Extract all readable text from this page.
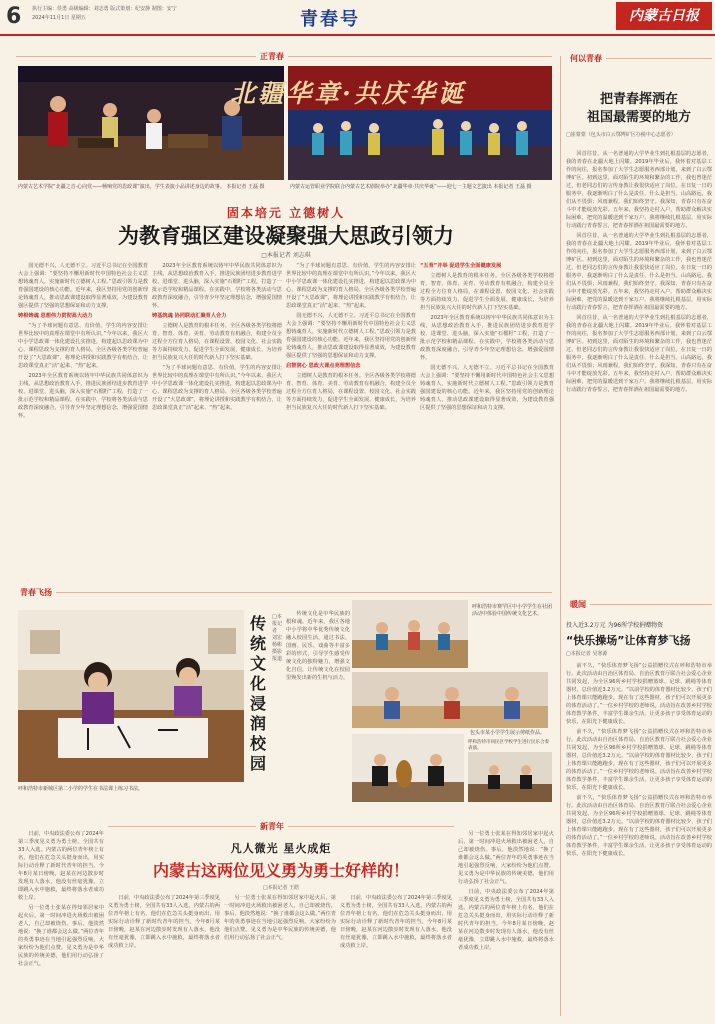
6 执行主编：侯勇 高级编辑：刘志勇 版式策划：纪安静 制图：安宁
2024年11月1日 星期五	青春号	内蒙古日报
正青春
北疆华章·共庆华诞
内蒙古艺术学院“北疆之音·心向党——畅响党的思政课”演出，学生表演小品讲述身边的故事。 本报记者 王磊 摄	内蒙古运管职业学院联合内蒙古艺术剧院举办“北疆华章·共庆华诞”——迎七一主题文艺演出 本报记者 王磊 摄
固本培元 立德树人
为教育强区建设凝聚强大思政引领力
□本报记者 刘志琪

国无德不兴，人无德不立。习近平总书记在全国教育大会上强调：“要坚持不懈用新时代中国特色社会主义思想铸魂育人，实施新时代立德树人工程。”思政引领力是教育强国建设的核心功能。近年来，我区坚持用党的创新理论铸魂育人，推动思政课建设取得显著成效，为建设教育强区提供了坚强的思想保证和动力支撑。

铸根铸魂 思想伟力贯彻高大动力

“为了半球问题有意思、有价值，学生的内容安排让世界比较中的真理在课堂中有所认识。”今年以来，我区大中小学思政课一体化建设扎实推进，构建起以思政课为中心、课程思政为支撑的育人格局。全区各级各类学校普遍开设了“大思政课”，将理论讲授和实践教学有机结合，让思政课堂真正“活”起来、“热”起来。

2023年全区教育系统以铸牢中华民族共同体意识为主线，从思想政治教育入手，推进民族团结进步教育进学校、进课堂、进头脑，深入实施“石榴籽”工程，打造了一批示范学校和精品课程。在实践中，学校将各类活动与思政教育深度融合，引导青少年坚定理想信念，增强爱国情怀。

2023年全区教育系统以铸牢中华民族共同体意识为主线，从思想政治教育入手，推进民族团结进步教育进学校、进课堂、进头脑，深入实施“石榴籽”工程，打造了一批示范学校和精品课程。在实践中，学校将各类活动与思政教育深度融合，引导青少年坚定理想信念，增强爱国情怀。

铸基筑魂 协同联动汇聚育人合力

立德树人是教育的根本任务。全区各级各类学校将德育、智育、体育、美育、劳动教育有机融合，构建全员全过程全方位育人格局，在课程设置、校园文化、社会实践等方面持续发力，促进学生全面发展、健康成长，为培养担当民族复兴大任的时代新人打下坚实基础。

“为了半球问题有意思、有价值，学生的内容安排让世界比较中的真理在课堂中有所认识。”今年以来，我区大中小学思政课一体化建设扎实推进，构建起以思政课为中心、课程思政为支撑的育人格局。全区各级各类学校普遍开设了“大思政课”，将理论讲授和实践教学有机结合，让思政课堂真正“活”起来、“热”起来。

“为了半球问题有意思、有价值，学生的内容安排让世界比较中的真理在课堂中有所认识。”今年以来，我区大中小学思政课一体化建设扎实推进，构建起以思政课为中心、课程思政为支撑的育人格局。全区各级各类学校普遍开设了“大思政课”，将理论讲授和实践教学有机结合，让思政课堂真正“活”起来、“热”起来。

国无德不兴，人无德不立。习近平总书记在全国教育大会上强调：“要坚持不懈用新时代中国特色社会主义思想铸魂育人，实施新时代立德树人工程。”思政引领力是教育强国建设的核心功能。近年来，我区坚持用党的创新理论铸魂育人，推动思政课建设取得显著成效，为建设教育强区提供了坚强的思想保证和动力支撑。

启智润心 思政大课点亮理想信念

立德树人是教育的根本任务。全区各级各类学校将德育、智育、体育、美育、劳动教育有机融合，构建全员全过程全方位育人格局，在课程设置、校园文化、社会实践等方面持续发力，促进学生全面发展、健康成长，为培养担当民族复兴大任的时代新人打下坚实基础。

“五育”并举 促进学生全面健康发展

立德树人是教育的根本任务。全区各级各类学校将德育、智育、体育、美育、劳动教育有机融合，构建全员全过程全方位育人格局，在课程设置、校园文化、社会实践等方面持续发力，促进学生全面发展、健康成长，为培养担当民族复兴大任的时代新人打下坚实基础。

2023年全区教育系统以铸牢中华民族共同体意识为主线，从思想政治教育入手，推进民族团结进步教育进学校、进课堂、进头脑，深入实施“石榴籽”工程，打造了一批示范学校和精品课程。在实践中，学校将各类活动与思政教育深度融合，引导青少年坚定理想信念，增强爱国情怀。

国无德不兴，人无德不立。习近平总书记在全国教育大会上强调：“要坚持不懈用新时代中国特色社会主义思想铸魂育人，实施新时代立德树人工程。”思政引领力是教育强国建设的核心功能。近年来，我区坚持用党的创新理论铸魂育人，推动思政课建设取得显著成效，为建设教育强区提供了坚强的思想保证和动力支撑。

何以青春
把青春挥洒在
祖国最需要的地方
□崔蒙蒙（包头市白云鄂博矿区办税中心志愿者）

回首往昔，从一名普通的大学毕业生到扎根基层的志愿者，我的青春在北疆大地上闪耀。2019年毕业后，我怀着对基层工作的向往，报名参加了大学生志愿服务西部计划，来到了白云鄂博矿区。初到这里，面对陌生的环境和繁杂的工作，我也曾迷茫过，但老同志们的言传身教让我很快适应了岗位。在日复一日的服务中，我逐渐明白了什么是责任、什么是担当。山高路远，我们从不畏惧；风雨兼程，我们始终坚守。我深知，青春只有在奋斗中才能绽放光彩。五年来，我坚持走村入户，帮助群众解决实际困难，把党的温暖送到千家万户。我将继续扎根基层，用实际行动践行青春誓言，把青春挥洒在祖国最需要的地方。

回首往昔，从一名普通的大学毕业生到扎根基层的志愿者，我的青春在北疆大地上闪耀。2019年毕业后，我怀着对基层工作的向往，报名参加了大学生志愿服务西部计划，来到了白云鄂博矿区。初到这里，面对陌生的环境和繁杂的工作，我也曾迷茫过，但老同志们的言传身教让我很快适应了岗位。在日复一日的服务中，我逐渐明白了什么是责任、什么是担当。山高路远，我们从不畏惧；风雨兼程，我们始终坚守。我深知，青春只有在奋斗中才能绽放光彩。五年来，我坚持走村入户，帮助群众解决实际困难，把党的温暖送到千家万户。我将继续扎根基层，用实际行动践行青春誓言，把青春挥洒在祖国最需要的地方。

回首往昔，从一名普通的大学毕业生到扎根基层的志愿者，我的青春在北疆大地上闪耀。2019年毕业后，我怀着对基层工作的向往，报名参加了大学生志愿服务西部计划，来到了白云鄂博矿区。初到这里，面对陌生的环境和繁杂的工作，我也曾迷茫过，但老同志们的言传身教让我很快适应了岗位。在日复一日的服务中，我逐渐明白了什么是责任、什么是担当。山高路远，我们从不畏惧；风雨兼程，我们始终坚守。我深知，青春只有在奋斗中才能绽放光彩。五年来，我坚持走村入户，帮助群众解决实际困难，把党的温暖送到千家万户。我将继续扎根基层，用实际行动践行青春誓言，把青春挥洒在祖国最需要的地方。

暖闻
投入近3.2万元 为96所学校捐赠物资
“快乐操场”让体育梦飞扬
□本报记者 吴寒源

前不久，“快乐体育梦飞扬”公益捐赠仪式在呼和浩特市举行。此次活动由自治区体育局、自治区教育厅联合社会爱心企业共同发起，为全区96所乡村学校捐赠篮球、足球、跳绳等体育器材，总价值近3.2万元。“以前学校的体育器材比较少，孩子们上体育课只能跑跑步。现在有了这些器材，孩子们可以开展更多的体育活动了。”一位乡村学校的老师说。活动旨在改善乡村学校体育教学条件，丰富学生课余生活，让更多孩子享受体育运动的快乐，在阳光下健康成长。

前不久，“快乐体育梦飞扬”公益捐赠仪式在呼和浩特市举行。此次活动由自治区体育局、自治区教育厅联合社会爱心企业共同发起，为全区96所乡村学校捐赠篮球、足球、跳绳等体育器材，总价值近3.2万元。“以前学校的体育器材比较少，孩子们上体育课只能跑跑步。现在有了这些器材，孩子们可以开展更多的体育活动了。”一位乡村学校的老师说。活动旨在改善乡村学校体育教学条件，丰富学生课余生活，让更多孩子享受体育运动的快乐，在阳光下健康成长。

前不久，“快乐体育梦飞扬”公益捐赠仪式在呼和浩特市举行。此次活动由自治区体育局、自治区教育厅联合社会爱心企业共同发起，为全区96所乡村学校捐赠篮球、足球、跳绳等体育器材，总价值近3.2万元。“以前学校的体育器材比较少，孩子们上体育课只能跑跑步。现在有了这些器材，孩子们可以开展更多的体育活动了。”一位乡村学校的老师说。活动旨在改善乡村学校体育教学条件，丰富学生课余生活，让更多孩子享受体育运动的快乐，在阳光下健康成长。

青春飞扬
呼和浩特市新城区第二小学的学生在书法课上练习书法。
传统文化浸润校园
□本报记者 刘宏 杨彬 摄影报道

传统文化是中华民族的根和魂。近年来，我区各地中小学将中华优秀传统文化融入校园生活，通过书法、国画、民乐、戏曲等丰富多彩的形式，引导学生感受传统文化的独特魅力，增强文化自信，让传统文化在校园里焕发出新的生机与活力。

呼和浩特市赛罕区中小学学生在社团活动中体验中国传统文化艺术。
包头市某小学学生展示剪纸作品。
呼和浩特市回民区学校学生进行民乐合奏表演。
新青年
凡人微光 星火成炬
内蒙古这两位见义勇为勇士好样的！
□本报记者 王皓

日前，中央政法委公布了2024年第三季度见义勇为勇士榜，全国共有33人入选。内蒙古的两位青年榜上有名，他们在危急关头挺身而出，用实际行动诠释了新时代青年的担当。今年8月某日傍晚，赵某在河边散步时发现有人落水，他没有丝毫犹豫，立即跳入水中施救，最终将落水者成功救上岸。

另一位勇士张某在得知邻居家中起火后，第一时间冲进火场救出被困老人，自己却被烧伤。事后，他淡然地说：“换了谁都会这么做。”两位青年的英勇事迹在当地引起强烈反响，大家纷纷为他们点赞。见义勇为是中华民族的传统美德，他们用行动弘扬了社会正气。

日前，中央政法委公布了2024年第三季度见义勇为勇士榜，全国共有33人入选。内蒙古的两位青年榜上有名，他们在危急关头挺身而出，用实际行动诠释了新时代青年的担当。今年8月某日傍晚，赵某在河边散步时发现有人落水，他没有丝毫犹豫，立即跳入水中施救，最终将落水者成功救上岸。

另一位勇士张某在得知邻居家中起火后，第一时间冲进火场救出被困老人，自己却被烧伤。事后，他淡然地说：“换了谁都会这么做。”两位青年的英勇事迹在当地引起强烈反响，大家纷纷为他们点赞。见义勇为是中华民族的传统美德，他们用行动弘扬了社会正气。

日前，中央政法委公布了2024年第三季度见义勇为勇士榜，全国共有33人入选。内蒙古的两位青年榜上有名，他们在危急关头挺身而出，用实际行动诠释了新时代青年的担当。今年8月某日傍晚，赵某在河边散步时发现有人落水，他没有丝毫犹豫，立即跳入水中施救，最终将落水者成功救上岸。

另一位勇士张某在得知邻居家中起火后，第一时间冲进火场救出被困老人，自己却被烧伤。事后，他淡然地说：“换了谁都会这么做。”两位青年的英勇事迹在当地引起强烈反响，大家纷纷为他们点赞。见义勇为是中华民族的传统美德，他们用行动弘扬了社会正气。

日前，中央政法委公布了2024年第三季度见义勇为勇士榜，全国共有33人入选。内蒙古的两位青年榜上有名，他们在危急关头挺身而出，用实际行动诠释了新时代青年的担当。今年8月某日傍晚，赵某在河边散步时发现有人落水，他没有丝毫犹豫，立即跳入水中施救，最终将落水者成功救上岸。
